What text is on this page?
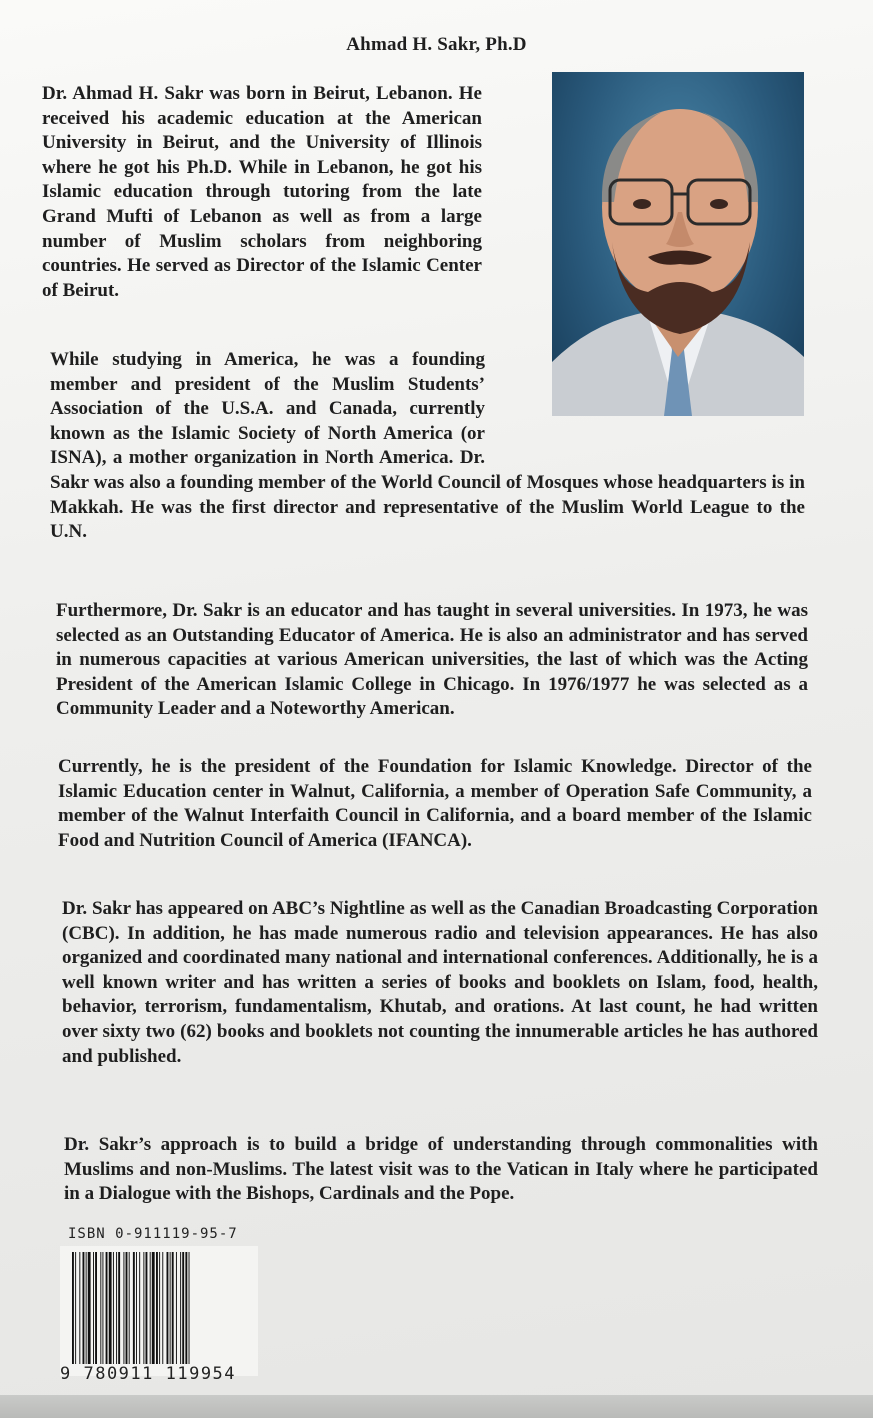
Ahmad H. Sakr, Ph.D

Dr. Ahmad H. Sakr was born in Beirut, Lebanon. He received his academic education at the American University in Beirut, and the University of Illinois where he got his Ph.D. While in Lebanon, he got his Islamic education through tutoring from the late Grand Mufti of Lebanon as well as from a large number of Muslim scholars from neighboring countries. He served as Director of the Islamic Center of Beirut.

While studying in America, he was a founding member and president of the Muslim Students’ Association of the U.S.A. and Canada, currently known as the Islamic Society of North America (or ISNA), a mother organization in North America. Dr. Sakr was also a founding member of the World Council of Mosques whose headquarters is in Makkah. He was the first director and representative of the Muslim World League to the U.N.

Furthermore, Dr. Sakr is an educator and has taught in several universities. In 1973, he was selected as an Outstanding Educator of America. He is also an administrator and has served in numerous capacities at various American universities, the last of which was the Acting President of the American Islamic College in Chicago. In 1976/1977 he was selected as a Community Leader and a Noteworthy American.

Currently, he is the president of the Foundation for Islamic Knowledge. Director of the Islamic Education center in Walnut, California, a member of Operation Safe Community, a member of the Walnut Interfaith Council in California, and a board member of the Islamic Food and Nutrition Council of America (IFANCA).

Dr. Sakr has appeared on ABC’s Nightline as well as the Canadian Broadcasting Corporation (CBC). In addition, he has made numerous radio and television appearances. He has also organized and coordinated many national and international conferences. Additionally, he is a well known writer and has written a series of books and booklets on Islam, food, health, behavior, terrorism, fundamentalism, Khutab, and orations. At last count, he had written over sixty two (62) books and booklets not counting the innumerable articles he has authored and published.

Dr. Sakr’s approach is to build a bridge of understanding through commonalities with Muslims and non-Muslims. The latest visit was to the Vatican in Italy where he participated in a Dialogue with the Bishops, Cardinals and the Pope.

ISBN 0-911119-95-7
9 780911 119954
